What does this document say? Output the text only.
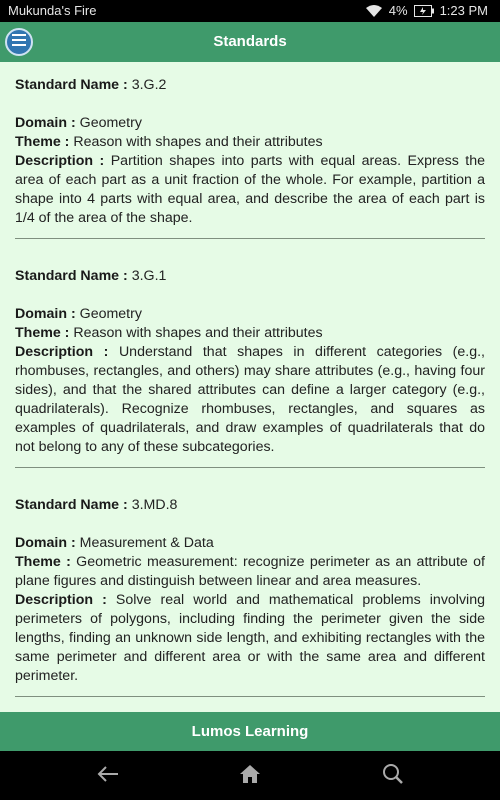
Mukunda's Fire	4% 1:23 PM
Standards
Standard Name : 3.G.2
Domain : Geometry
Theme : Reason with shapes and their attributes
Description : Partition shapes into parts with equal areas. Express the area of each part as a unit fraction of the whole. For example, partition a shape into 4 parts with equal area, and describe the area of each part is 1/4 of the area of the shape.
Standard Name : 3.G.1
Domain : Geometry
Theme : Reason with shapes and their attributes
Description : Understand that shapes in different categories (e.g., rhombuses, rectangles, and others) may share attributes (e.g., having four sides), and that the shared attributes can define a larger category (e.g., quadrilaterals). Recognize rhombuses, rectangles, and squares as examples of quadrilaterals, and draw examples of quadrilaterals that do not belong to any of these subcategories.
Standard Name : 3.MD.8
Domain : Measurement & Data
Theme : Geometric measurement: recognize perimeter as an attribute of plane figures and distinguish between linear and area measures.
Description : Solve real world and mathematical problems involving perimeters of polygons, including finding the perimeter given the side lengths, finding an unknown side length, and exhibiting rectangles with the same perimeter and different area or with the same area and different perimeter.
Lumos Learning
